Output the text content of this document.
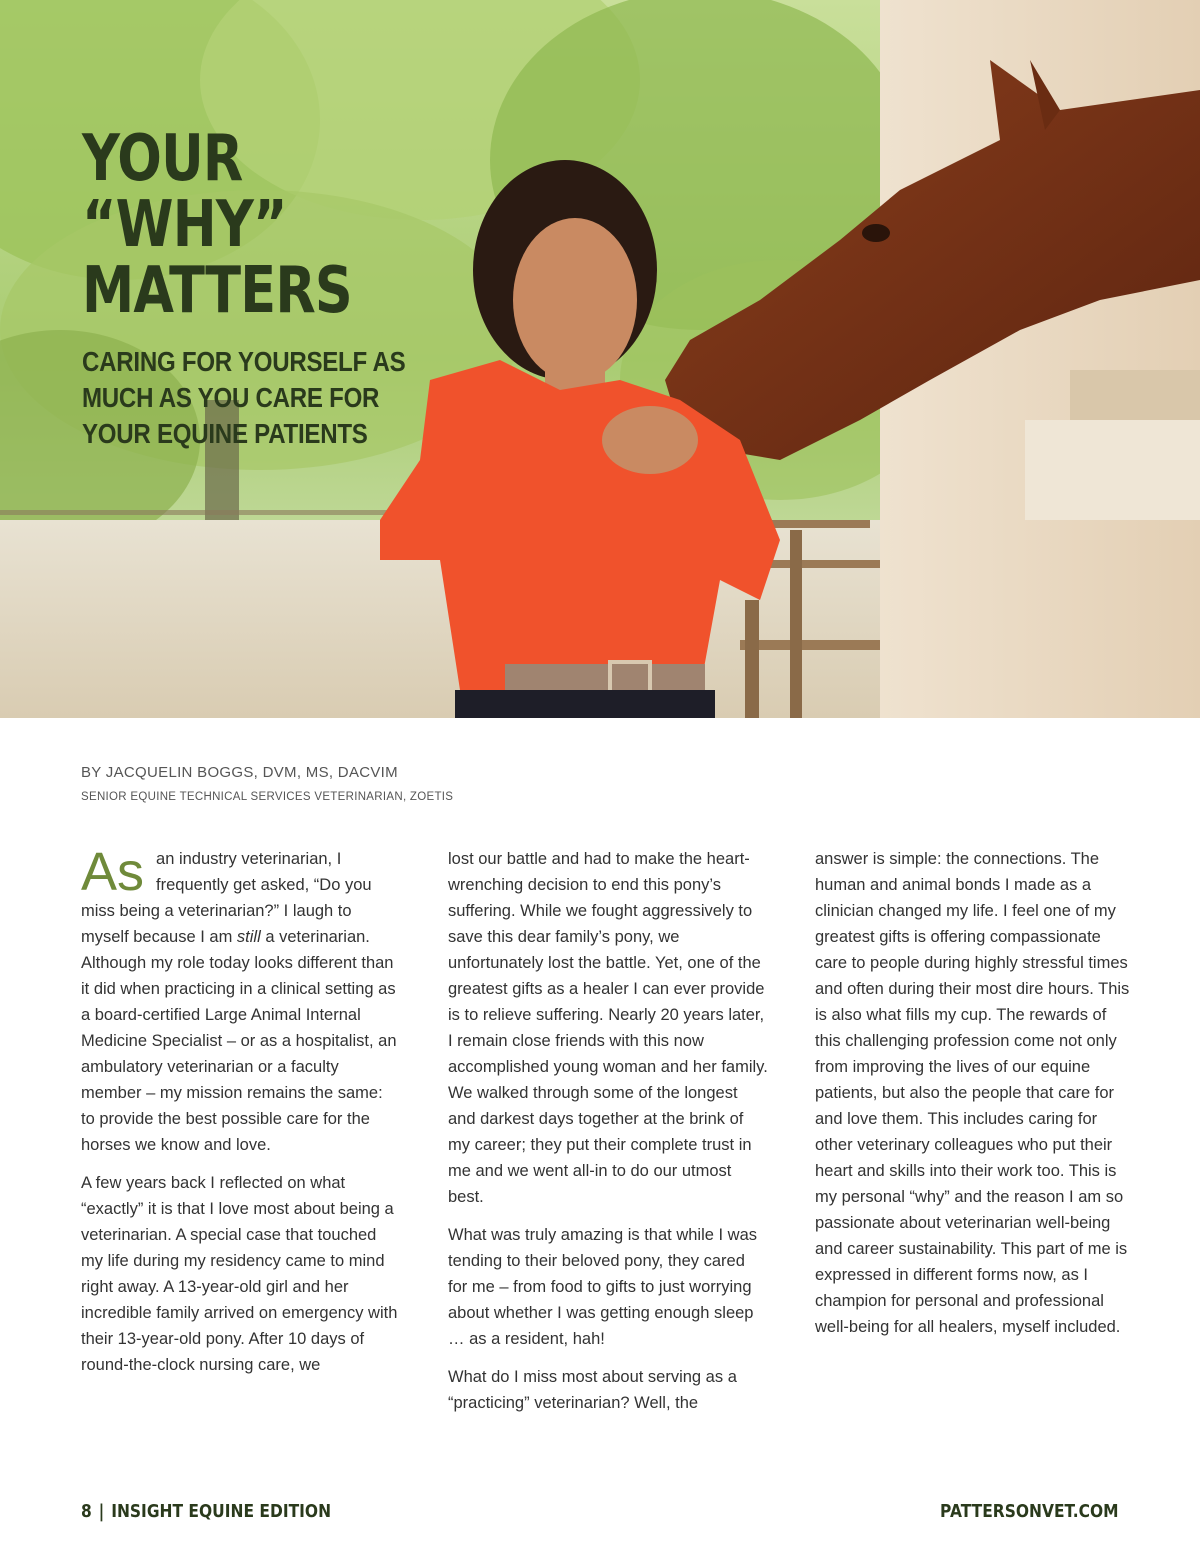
YOUR
“WHY”
MATTERS
CARING FOR YOURSELF AS
MUCH AS YOU CARE FOR
YOUR EQUINE PATIENTS
BY JACQUELIN BOGGS, DVM, MS, DACVIM
SENIOR EQUINE TECHNICAL SERVICES VETERINARIAN, ZOETIS

As an industry veterinarian, I frequently get asked, “Do you miss being a veterinarian?” I laugh to myself because I am still a veterinarian. Although my role today looks different than it did when practicing in a clinical setting as a board-certified Large Animal Internal Medicine Specialist – or as a hospitalist, an ambulatory veterinarian or a faculty member – my mission remains the same: to provide the best possible care for the horses we know and love.

A few years back I reflected on what “exactly” it is that I love most about being a veterinarian. A special case that touched my life during my residency came to mind right away. A 13-year-old girl and her incredible family arrived on emergency with their 13-year-old pony. After 10 days of round-the-clock nursing care, we

lost our battle and had to make the heart-wrenching decision to end this pony’s suffering. While we fought aggressively to save this dear family’s pony, we unfortunately lost the battle. Yet, one of the greatest gifts as a healer I can ever provide is to relieve suffering. Nearly 20 years later, I remain close friends with this now accomplished young woman and her family. We walked through some of the longest and darkest days together at the brink of my career; they put their complete trust in me and we went all-in to do our utmost best.

What was truly amazing is that while I was tending to their beloved pony, they cared for me – from food to gifts to just worrying about whether I was getting enough sleep … as a resident, hah!

What do I miss most about serving as a “practicing” veterinarian? Well, the

answer is simple: the connections. The human and animal bonds I made as a clinician changed my life. I feel one of my greatest gifts is offering compassionate care to people during highly stressful times and often during their most dire hours. This is also what fills my cup. The rewards of this challenging profession come not only from improving the lives of our equine patients, but also the people that care for and love them. This includes caring for other veterinary colleagues who put their heart and skills into their work too. This is my personal “why” and the reason I am so passionate about veterinarian well-being and career sustainability. This part of me is expressed in different forms now, as I champion for personal and professional well-being for all healers, myself included.

8 | INSIGHT EQUINE EDITION	PATTERSONVET.COM
